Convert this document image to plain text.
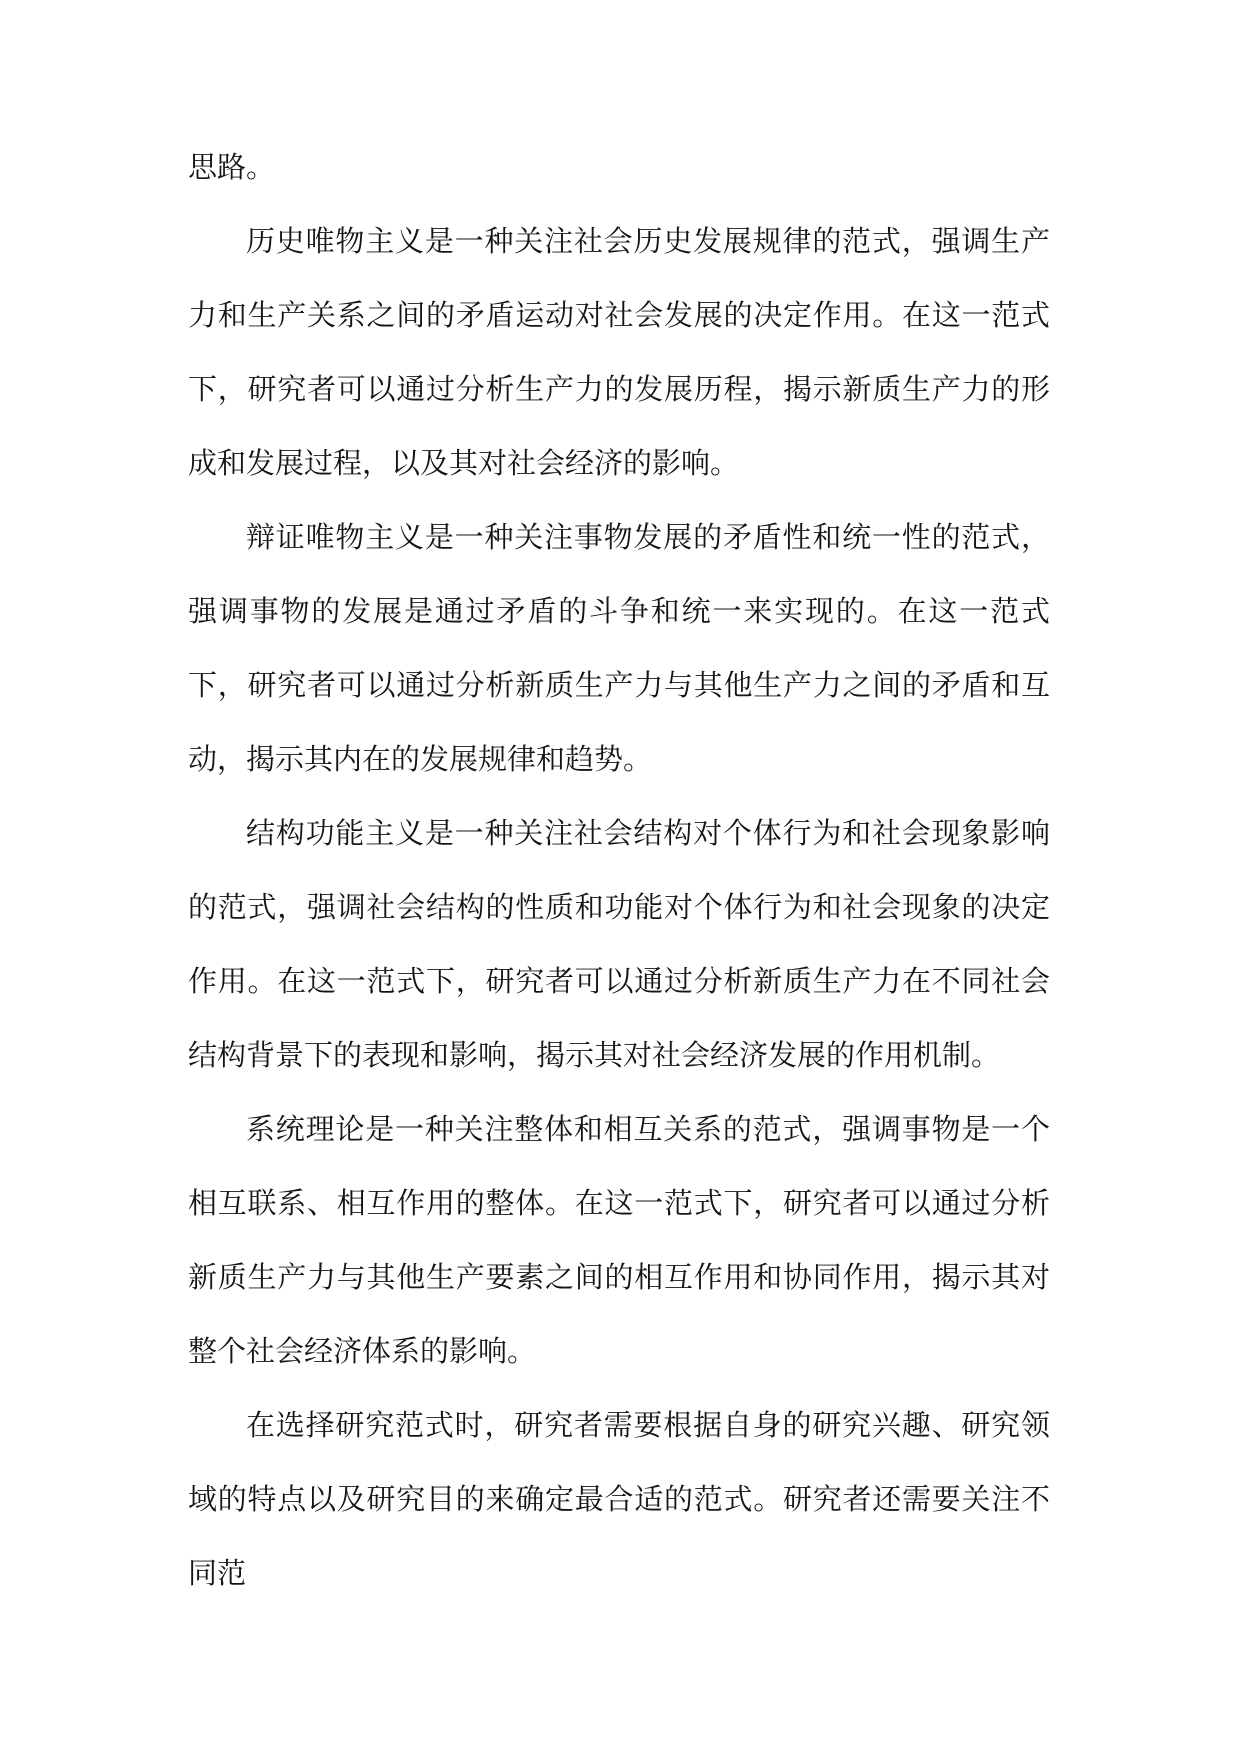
思路。

历史唯物主义是一种关注社会历史发展规律的范式，强调生产力和生产关系之间的矛盾运动对社会发展的决定作用。在这一范式下，研究者可以通过分析生产力的发展历程，揭示新质生产力的形成和发展过程，以及其对社会经济的影响。

辩证唯物主义是一种关注事物发展的矛盾性和统一性的范式，强调事物的发展是通过矛盾的斗争和统一来实现的。在这一范式下，研究者可以通过分析新质生产力与其他生产力之间的矛盾和互动，揭示其内在的发展规律和趋势。

结构功能主义是一种关注社会结构对个体行为和社会现象影响的范式，强调社会结构的性质和功能对个体行为和社会现象的决定作用。在这一范式下，研究者可以通过分析新质生产力在不同社会结构背景下的表现和影响，揭示其对社会经济发展的作用机制。

系统理论是一种关注整体和相互关系的范式，强调事物是一个相互联系、相互作用的整体。在这一范式下，研究者可以通过分析新质生产力与其他生产要素之间的相互作用和协同作用，揭示其对整个社会经济体系的影响。

在选择研究范式时，研究者需要根据自身的研究兴趣、研究领域的特点以及研究目的来确定最合适的范式。研究者还需要关注不同范
